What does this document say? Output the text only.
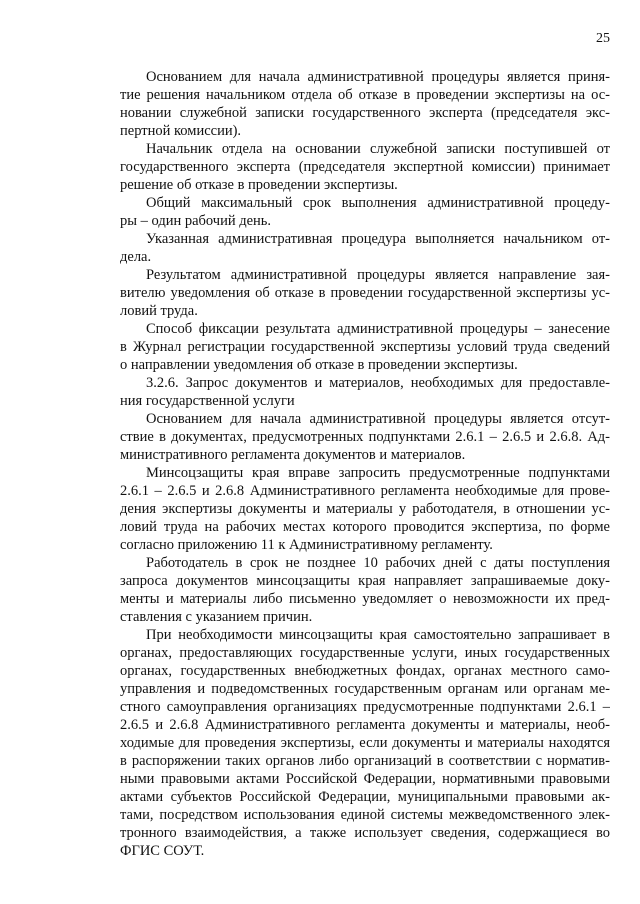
25
Основанием для начала административной процедуры является приня-
тие решения начальником отдела об отказе в проведении экспертизы на ос-
новании служебной записки государственного эксперта (председателя экс-
пертной комиссии).
Начальник отдела на основании служебной записки поступившей от
государственного эксперта (председателя экспертной комиссии) принимает
решение об отказе в проведении экспертизы.
Общий максимальный срок выполнения административной процеду-
ры – один рабочий день.
Указанная административная процедура выполняется начальником от-
дела.
Результатом административной процедуры является направление зая-
вителю уведомления об отказе в проведении государственной экспертизы ус-
ловий труда.
Способ фиксации результата административной процедуры – занесение
в Журнал регистрации государственной экспертизы условий труда сведений
о направлении уведомления об отказе в проведении экспертизы.
3.2.6. Запрос документов и материалов, необходимых для предоставле-
ния государственной услуги
Основанием для начала административной процедуры является отсут-
ствие в документах, предусмотренных подпунктами 2.6.1 – 2.6.5 и 2.6.8. Ад-
министративного регламента документов и материалов.
Минсоцзащиты края вправе запросить предусмотренные подпунктами
2.6.1 – 2.6.5 и 2.6.8 Административного регламента необходимые для прове-
дения экспертизы документы и материалы у работодателя, в отношении ус-
ловий труда на рабочих местах которого проводится экспертиза, по форме
согласно приложению 11 к Административному регламенту.
Работодатель в срок не позднее 10 рабочих дней с даты поступления
запроса документов минсоцзащиты края направляет запрашиваемые доку-
менты и материалы либо письменно уведомляет о невозможности их пред-
ставления с указанием причин.
При необходимости минсоцзащиты края самостоятельно запрашивает в
органах, предоставляющих государственные услуги, иных государственных
органах, государственных внебюджетных фондах, органах местного само-
управления и подведомственных государственным органам или органам ме-
стного самоуправления организациях предусмотренные подпунктами 2.6.1 –
2.6.5 и 2.6.8 Административного регламента документы и материалы, необ-
ходимые для проведения экспертизы, если документы и материалы находятся
в распоряжении таких органов либо организаций в соответствии с норматив-
ными правовыми актами Российской Федерации, нормативными правовыми
актами субъектов Российской Федерации, муниципальными правовыми ак-
тами, посредством использования единой системы межведомственного элек-
тронного взаимодействия, а также использует сведения, содержащиеся во
ФГИС СОУТ.
